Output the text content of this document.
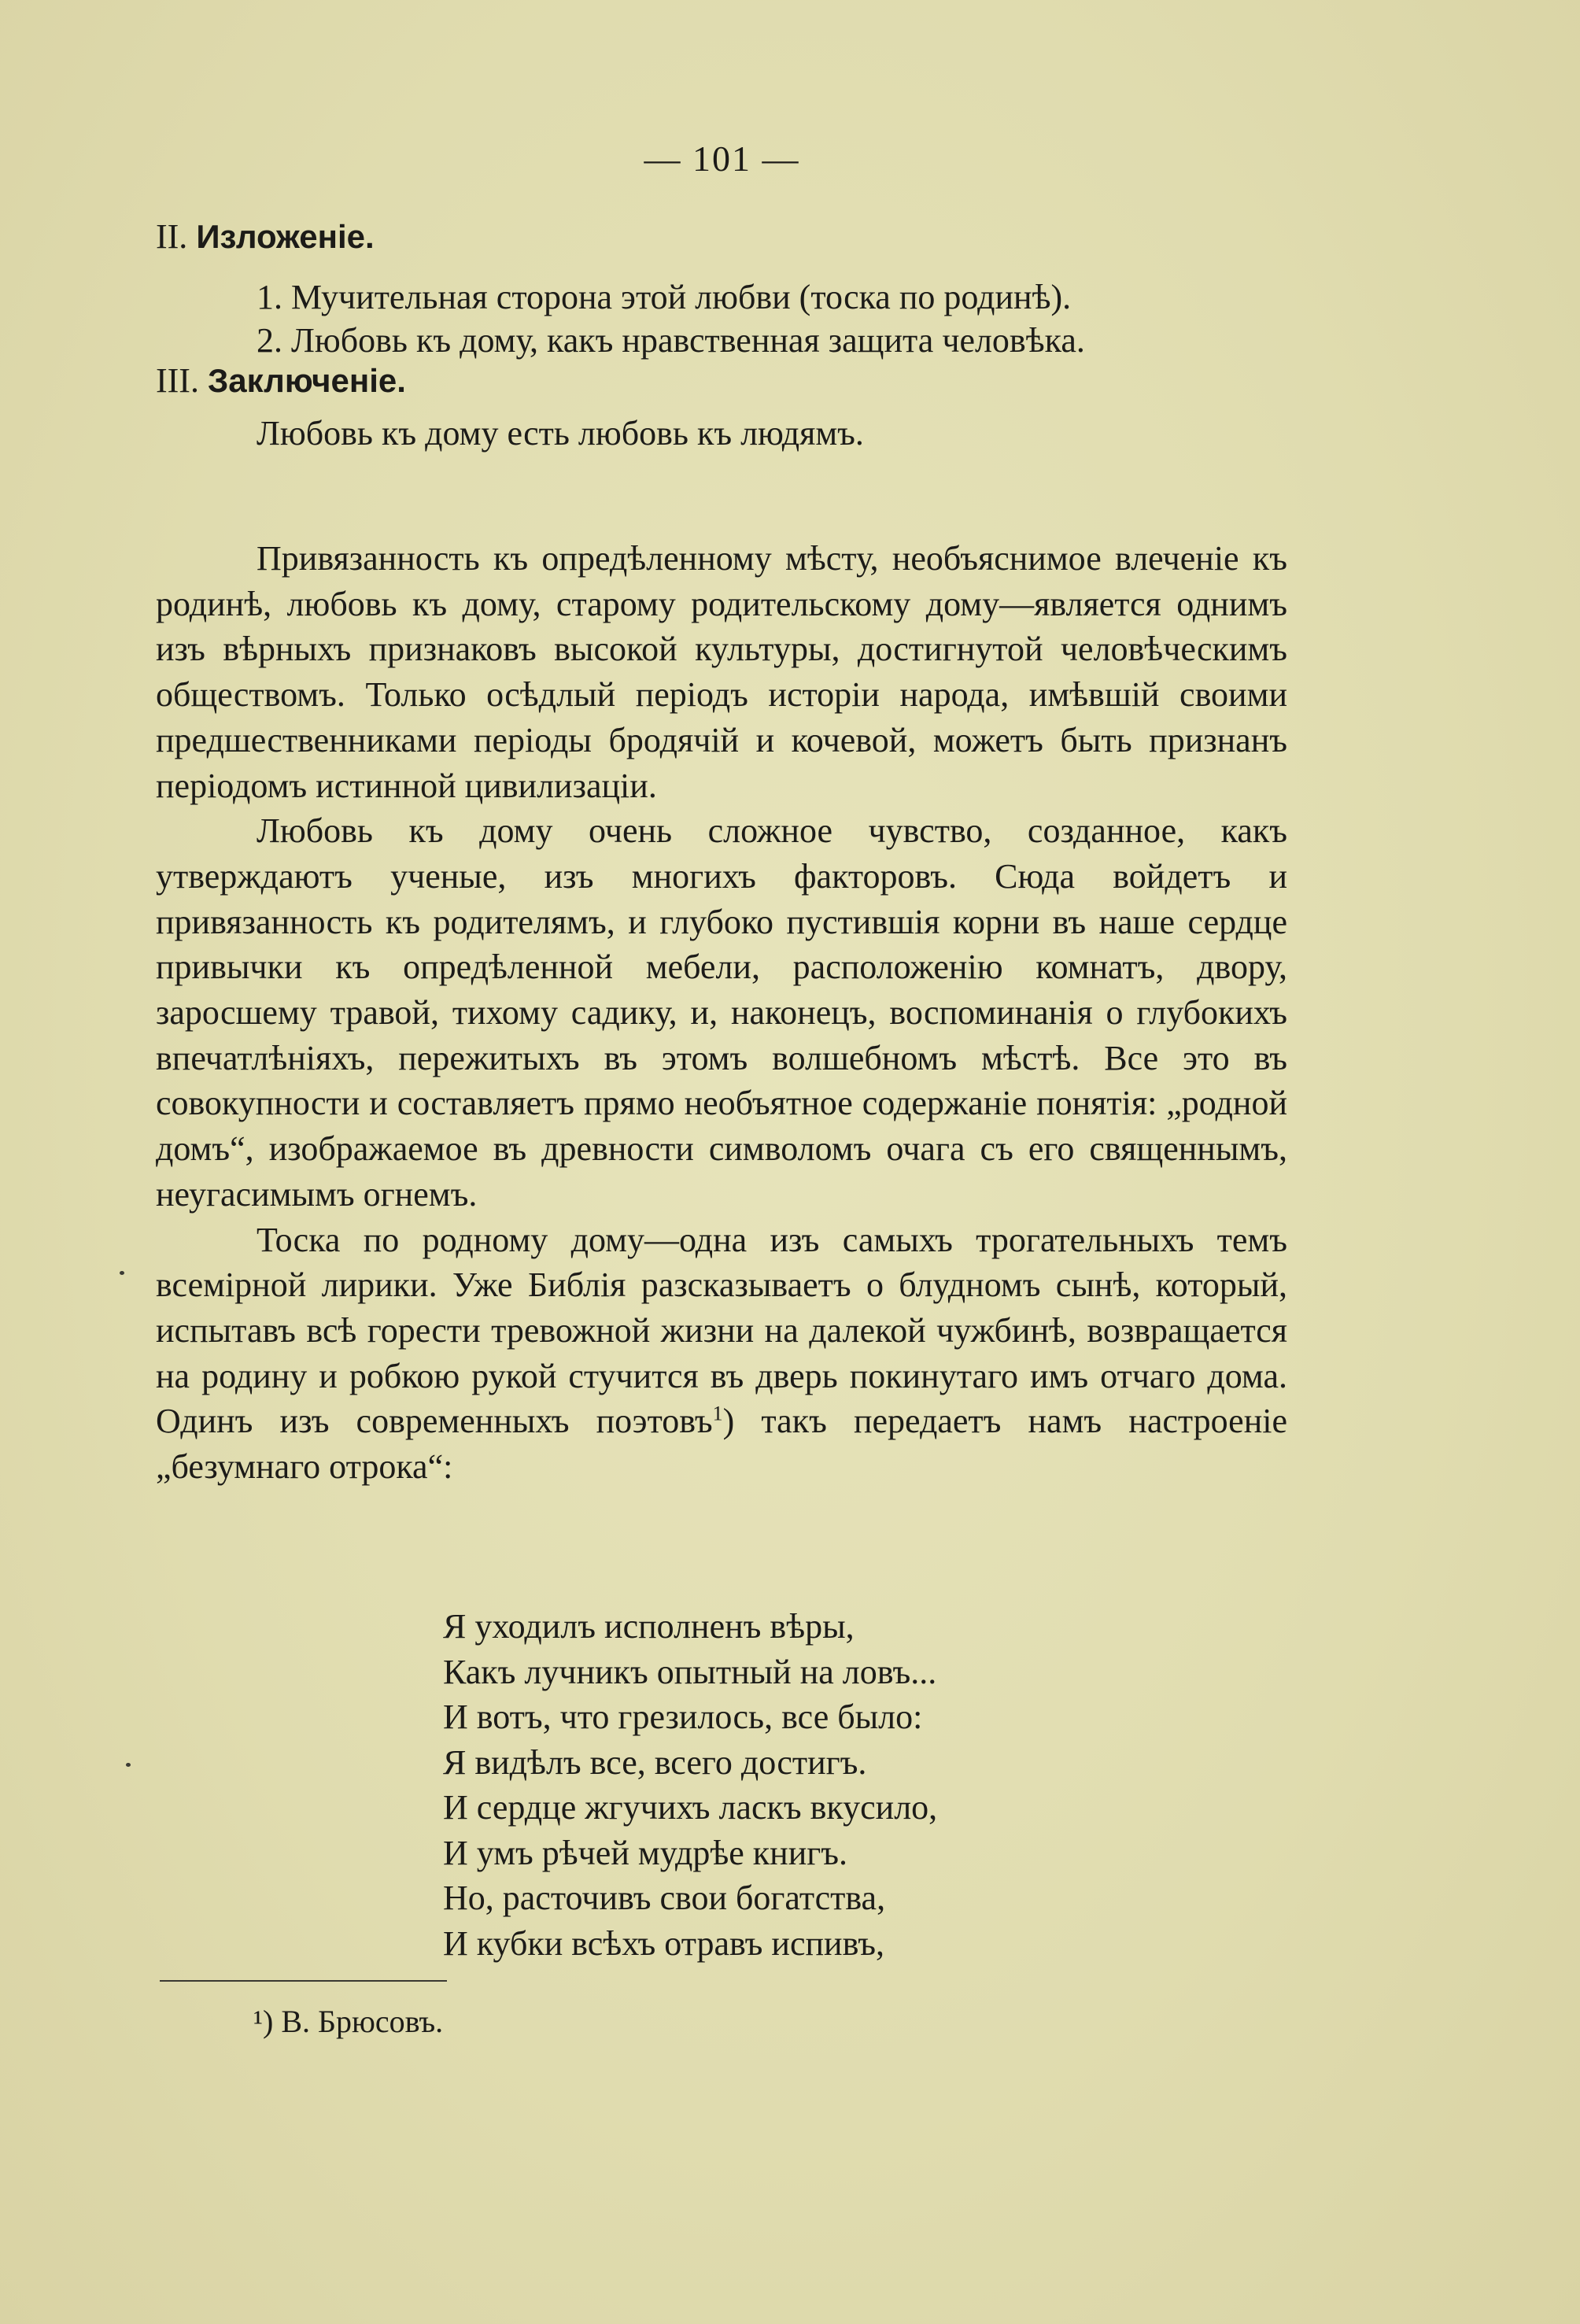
— 101 —
II. Изложеніе.
1. Мучительная сторона этой любви (тоска по родинѣ).
2. Любовь къ дому, какъ нравственная защита человѣка.
III. Заключеніе.
Любовь къ дому есть любовь къ людямъ.

Привязанность къ опредѣленному мѣсту, необъяснимое влеченіе къ родинѣ, любовь къ дому, старому родительскому дому—является однимъ изъ вѣрныхъ признаковъ высокой культуры, достигнутой человѣческимъ обществомъ. Только осѣдлый періодъ исторіи народа, имѣвшій своими предшественниками періоды бродячій и кочевой, можетъ быть признанъ періодомъ истинной цивилизаціи.

Любовь къ дому очень сложное чувство, созданное, какъ утверждаютъ ученые, изъ многихъ факторовъ. Сюда войдетъ и привязанность къ родителямъ, и глубоко пустившія корни въ наше сердце привычки къ опредѣленной мебели, расположенію комнатъ, двору, заросшему травой, тихому садику, и, наконецъ, воспоминанія о глубокихъ впечатлѣніяхъ, пережитыхъ въ этомъ волшебномъ мѣстѣ. Все это въ совокупности и составляетъ прямо необъятное содержаніе понятія: „родной домъ“, изображаемое въ древности символомъ очага съ его священнымъ, неугасимымъ огнемъ.

Тоска по родному дому—одна изъ самыхъ трогательныхъ темъ всемірной лирики. Уже Библія разсказываетъ о блудномъ сынѣ, который, испытавъ всѣ горести тревожной жизни на далекой чужбинѣ, возвращается на родину и робкою рукой стучится въ дверь покинутаго имъ отчаго дома. Одинъ изъ современныхъ поэтовъ$^1$) такъ передаетъ намъ настроеніе „безумнаго отрока“:

Я уходилъ исполненъ вѣры,
Какъ лучникъ опытный на ловъ...
И вотъ, что грезилось, все было:
Я видѣлъ все, всего достигъ.
И сердце жгучихъ ласкъ вкусило,
И умъ рѣчей мудрѣе книгъ.
Но, расточивъ свои богатства,
И кубки всѣхъ отравъ испивъ,
¹) В. Брюсовъ.
